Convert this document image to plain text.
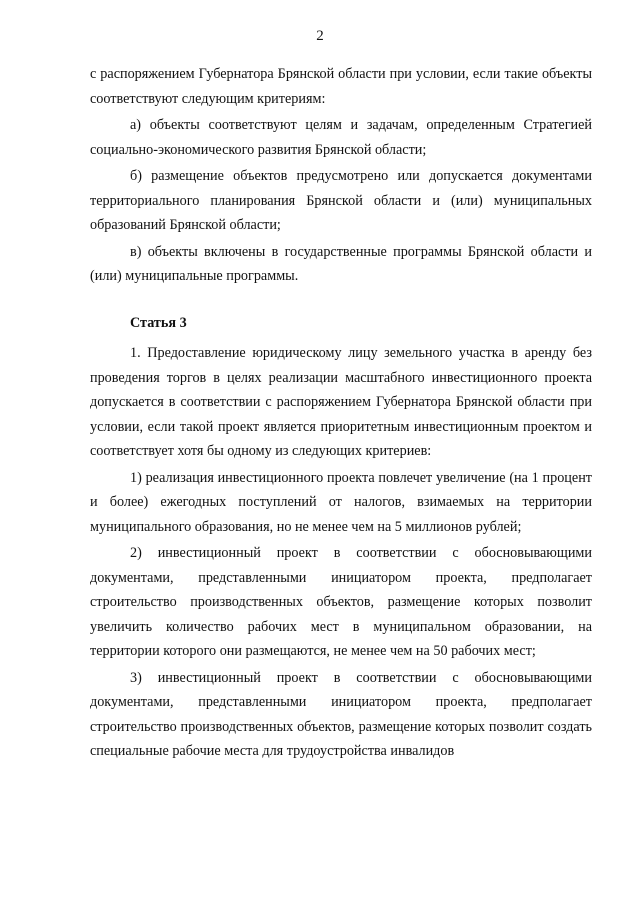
2

с распоряжением Губернатора Брянской области при условии, если такие объекты соответствуют следующим критериям:

а) объекты соответствуют целям и задачам, определенным Стратегией социально-экономического развития Брянской области;

б) размещение объектов предусмотрено или допускается документами территориального планирования Брянской области и (или) муниципальных образований Брянской области;

в) объекты включены в государственные программы Брянской области и (или) муниципальные программы.

Статья 3

1. Предоставление юридическому лицу земельного участка в аренду без проведения торгов в целях реализации масштабного инвестиционного проекта допускается в соответствии с распоряжением Губернатора Брянской области при условии, если такой проект является приоритетным инвестиционным проектом и соответствует хотя бы одному из следующих критериев:

1) реализация инвестиционного проекта повлечет увеличение (на 1 процент и более) ежегодных поступлений от налогов, взимаемых на территории муниципального образования, но не менее чем на 5 миллионов рублей;

2) инвестиционный проект в соответствии с обосновывающими документами, представленными инициатором проекта, предполагает строительство производственных объектов, размещение которых позволит увеличить количество рабочих мест в муниципальном образовании, на территории которого они размещаются, не менее чем на 50 рабочих мест;

3) инвестиционный проект в соответствии с обосновывающими документами, представленными инициатором проекта, предполагает строительство производственных объектов, размещение которых позволит создать специальные рабочие места для трудоустройства инвалидов
